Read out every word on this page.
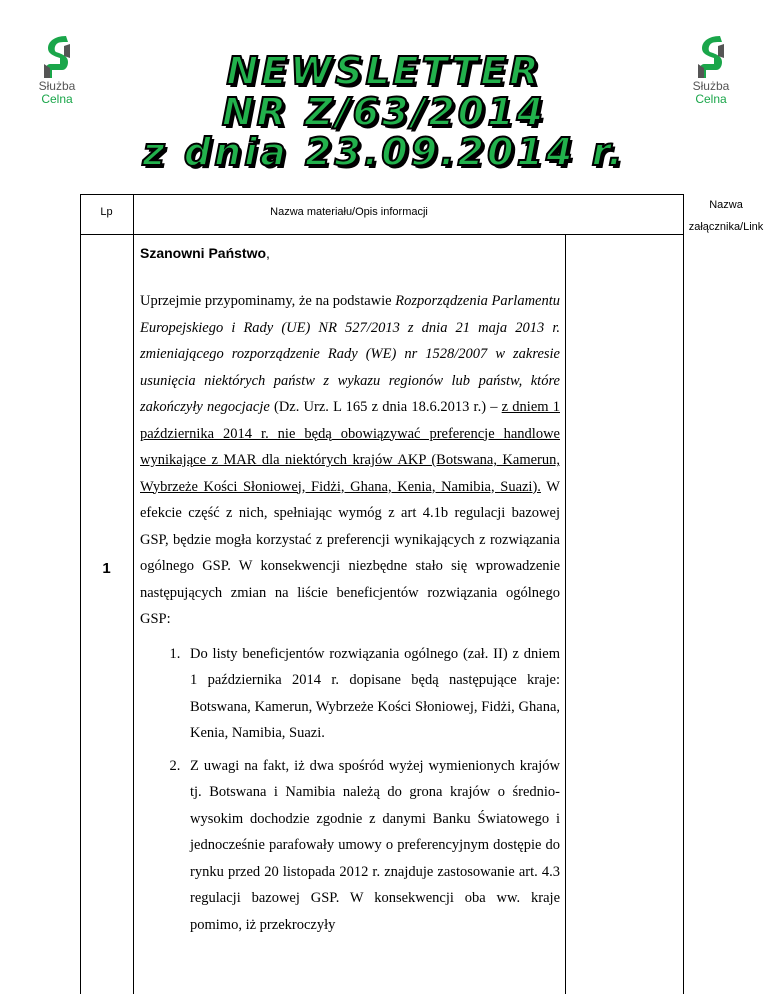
Służba
Celna
Służba
Celna
NEWSLETTER
NR Z/63/2014
z dnia 23.09.2014 r.
Lp	Nazwa materiału/Opis informacji
Nazwa
załącznika/Link
1

Szanowni Państwo,

Uprzejmie przypominamy, że na podstawie Rozporządzenia Parlamentu Europejskiego i Rady (UE) NR 527/2013 z dnia 21 maja 2013 r. zmieniającego rozporządzenie Rady (WE) nr 1528/2007 w zakresie usunięcia niektórych państw z wykazu regionów lub państw, które zakończyły negocjacje (Dz. Urz. L 165 z dnia 18.6.2013 r.) – z dniem 1 października 2014 r. nie będą obowiązywać preferencje handlowe wynikające z MAR dla niektórych krajów AKP (Botswana, Kamerun, Wybrzeże Kości Słoniowej, Fidżi, Ghana, Kenia, Namibia, Suazi). W efekcie część z nich, spełniając wymóg z art 4.1b regulacji bazowej GSP, będzie mogła korzystać z preferencji wynikających z rozwiązania ogólnego GSP. W konsekwencji niezbędne stało się wprowadzenie następujących zmian na liście beneficjentów rozwiązania ogólnego GSP:

1. Do listy beneficjentów rozwiązania ogólnego (zał. II) z dniem 1 października 2014 r. dopisane będą następujące kraje: Botswana, Kamerun, Wybrzeże Kości Słoniowej, Fidżi, Ghana, Kenia, Namibia, Suazi.
2. Z uwagi na fakt, iż dwa spośród wyżej wymienionych krajów tj. Botswana i Namibia należą do grona krajów o średnio-wysokim dochodzie zgodnie z danymi Banku Światowego i jednocześnie parafowały umowy o preferencyjnym dostępie do rynku przed 20 listopada 2012 r. znajduje zastosowanie art. 4.3 regulacji bazowej GSP. W konsekwencji oba ww. kraje pomimo, iż przekroczyły
